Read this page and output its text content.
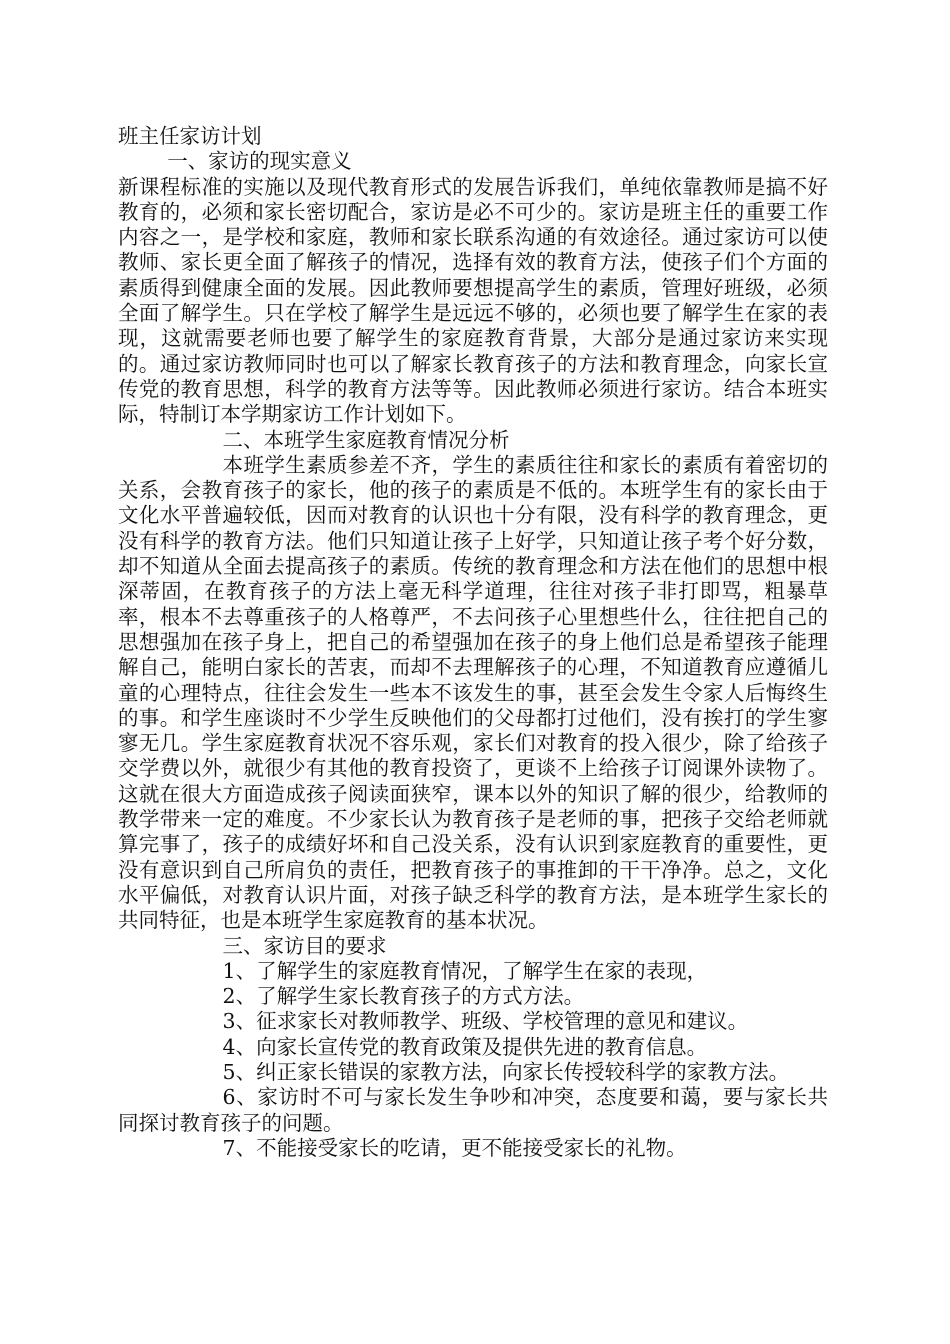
班主任家访计划

一、家访的现实意义

新课程标准的实施以及现代教育形式的发展告诉我们，单纯依靠教师是搞不好教育的，必须和家长密切配合，家访是必不可少的。家访是班主任的重要工作内容之一，是学校和家庭，教师和家长联系沟通的有效途径。通过家访可以使教师、家长更全面了解孩子的情况，选择有效的教育方法，使孩子们个方面的素质得到健康全面的发展。因此教师要想提高学生的素质，管理好班级，必须全面了解学生。只在学校了解学生是远远不够的，必须也要了解学生在家的表现，这就需要老师也要了解学生的家庭教育背景，大部分是通过家访来实现的。通过家访教师同时也可以了解家长教育孩子的方法和教育理念，向家长宣传党的教育思想，科学的教育方法等等。因此教师必须进行家访。结合本班实际，特制订本学期家访工作计划如下。

二、本班学生家庭教育情况分析

本班学生素质参差不齐，学生的素质往往和家长的素质有着密切的关系，会教育孩子的家长，他的孩子的素质是不低的。本班学生有的家长由于文化水平普遍较低，因而对教育的认识也十分有限，没有科学的教育理念，更没有科学的教育方法。他们只知道让孩子上好学，只知道让孩子考个好分数，却不知道从全面去提高孩子的素质。传统的教育理念和方法在他们的思想中根深蒂固，在教育孩子的方法上毫无科学道理，往往对孩子非打即骂，粗暴草率，根本不去尊重孩子的人格尊严，不去问孩子心里想些什么，往往把自己的思想强加在孩子身上，把自己的希望强加在孩子的身上他们总是希望孩子能理解自己，能明白家长的苦衷，而却不去理解孩子的心理，不知道教育应遵循儿童的心理特点，往往会发生一些本不该发生的事，甚至会发生令家人后悔终生的事。和学生座谈时不少学生反映他们的父母都打过他们，没有挨打的学生寥寥无几。学生家庭教育状况不容乐观，家长们对教育的投入很少，除了给孩子交学费以外，就很少有其他的教育投资了，更谈不上给孩子订阅课外读物了。这就在很大方面造成孩子阅读面狭窄，课本以外的知识了解的很少，给教师的教学带来一定的难度。不少家长认为教育孩子是老师的事，把孩子交给老师就算完事了，孩子的成绩好坏和自己没关系，没有认识到家庭教育的重要性，更没有意识到自己所肩负的责任，把教育孩子的事推卸的干干净净。总之，文化水平偏低，对教育认识片面，对孩子缺乏科学的教育方法，是本班学生家长的共同特征，也是本班学生家庭教育的基本状况。

三、家访目的要求

1、了解学生的家庭教育情况，了解学生在家的表现，

2、了解学生家长教育孩子的方式方法。

3、征求家长对教师教学、班级、学校管理的意见和建议。

4、向家长宣传党的教育政策及提供先进的教育信息。

5、纠正家长错误的家教方法，向家长传授较科学的家教方法。

6、家访时不可与家长发生争吵和冲突，态度要和蔼，要与家长共同探讨教育孩子的问题。

7、不能接受家长的吃请，更不能接受家长的礼物。
